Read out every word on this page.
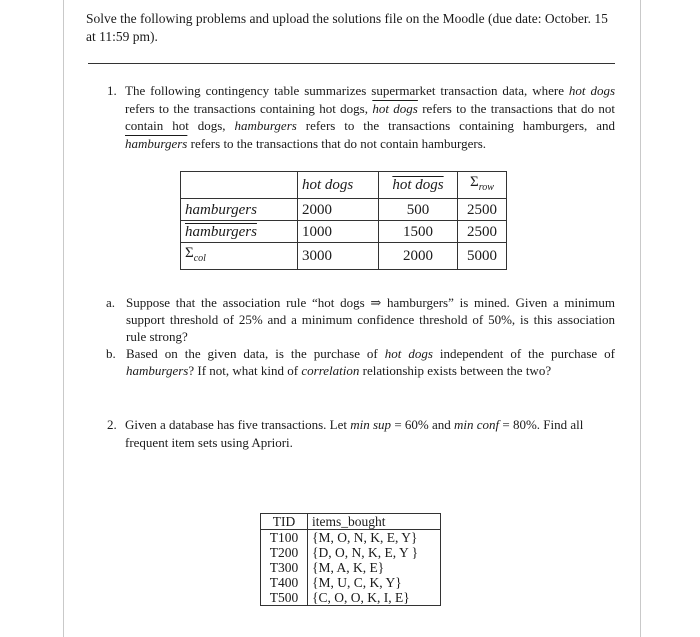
Solve the following problems and upload the solutions file on the Moodle (due date: October. 15 at 11:59 pm).
1. The following contingency table summarizes supermarket transaction data, where hot dogs refers to the transactions containing hot dogs, hot dogs refers to the transactions that do not contain hot dogs, hamburgers refers to the transactions containing hamburgers, and hamburgers refers to the transactions that do not contain hamburgers.
	hot dogs	hot dogs	$\Sigma_{row}$
hamburgers	2000	500	2500
hamburgers	1000	1500	2500
$\Sigma_{col}$	3000	2000	5000
a. Suppose that the association rule “hot dogs ⇒ hamburgers” is mined. Given a minimum support threshold of 25% and a minimum confidence threshold of 50%, is this association rule strong?
b. Based on the given data, is the purchase of hot dogs independent of the purchase of hamburgers? If not, what kind of correlation relationship exists between the two?
2. Given a database has five transactions. Let min sup = 60% and min conf = 80%. Find all frequent item sets using Apriori.
TID	items_bought
T100	{M, O, N, K, E, Y}
T200	{D, O, N, K, E, Y }
T300	{M, A, K, E}
T400	{M, U, C, K, Y}
T500	{C, O, O, K, I, E}
